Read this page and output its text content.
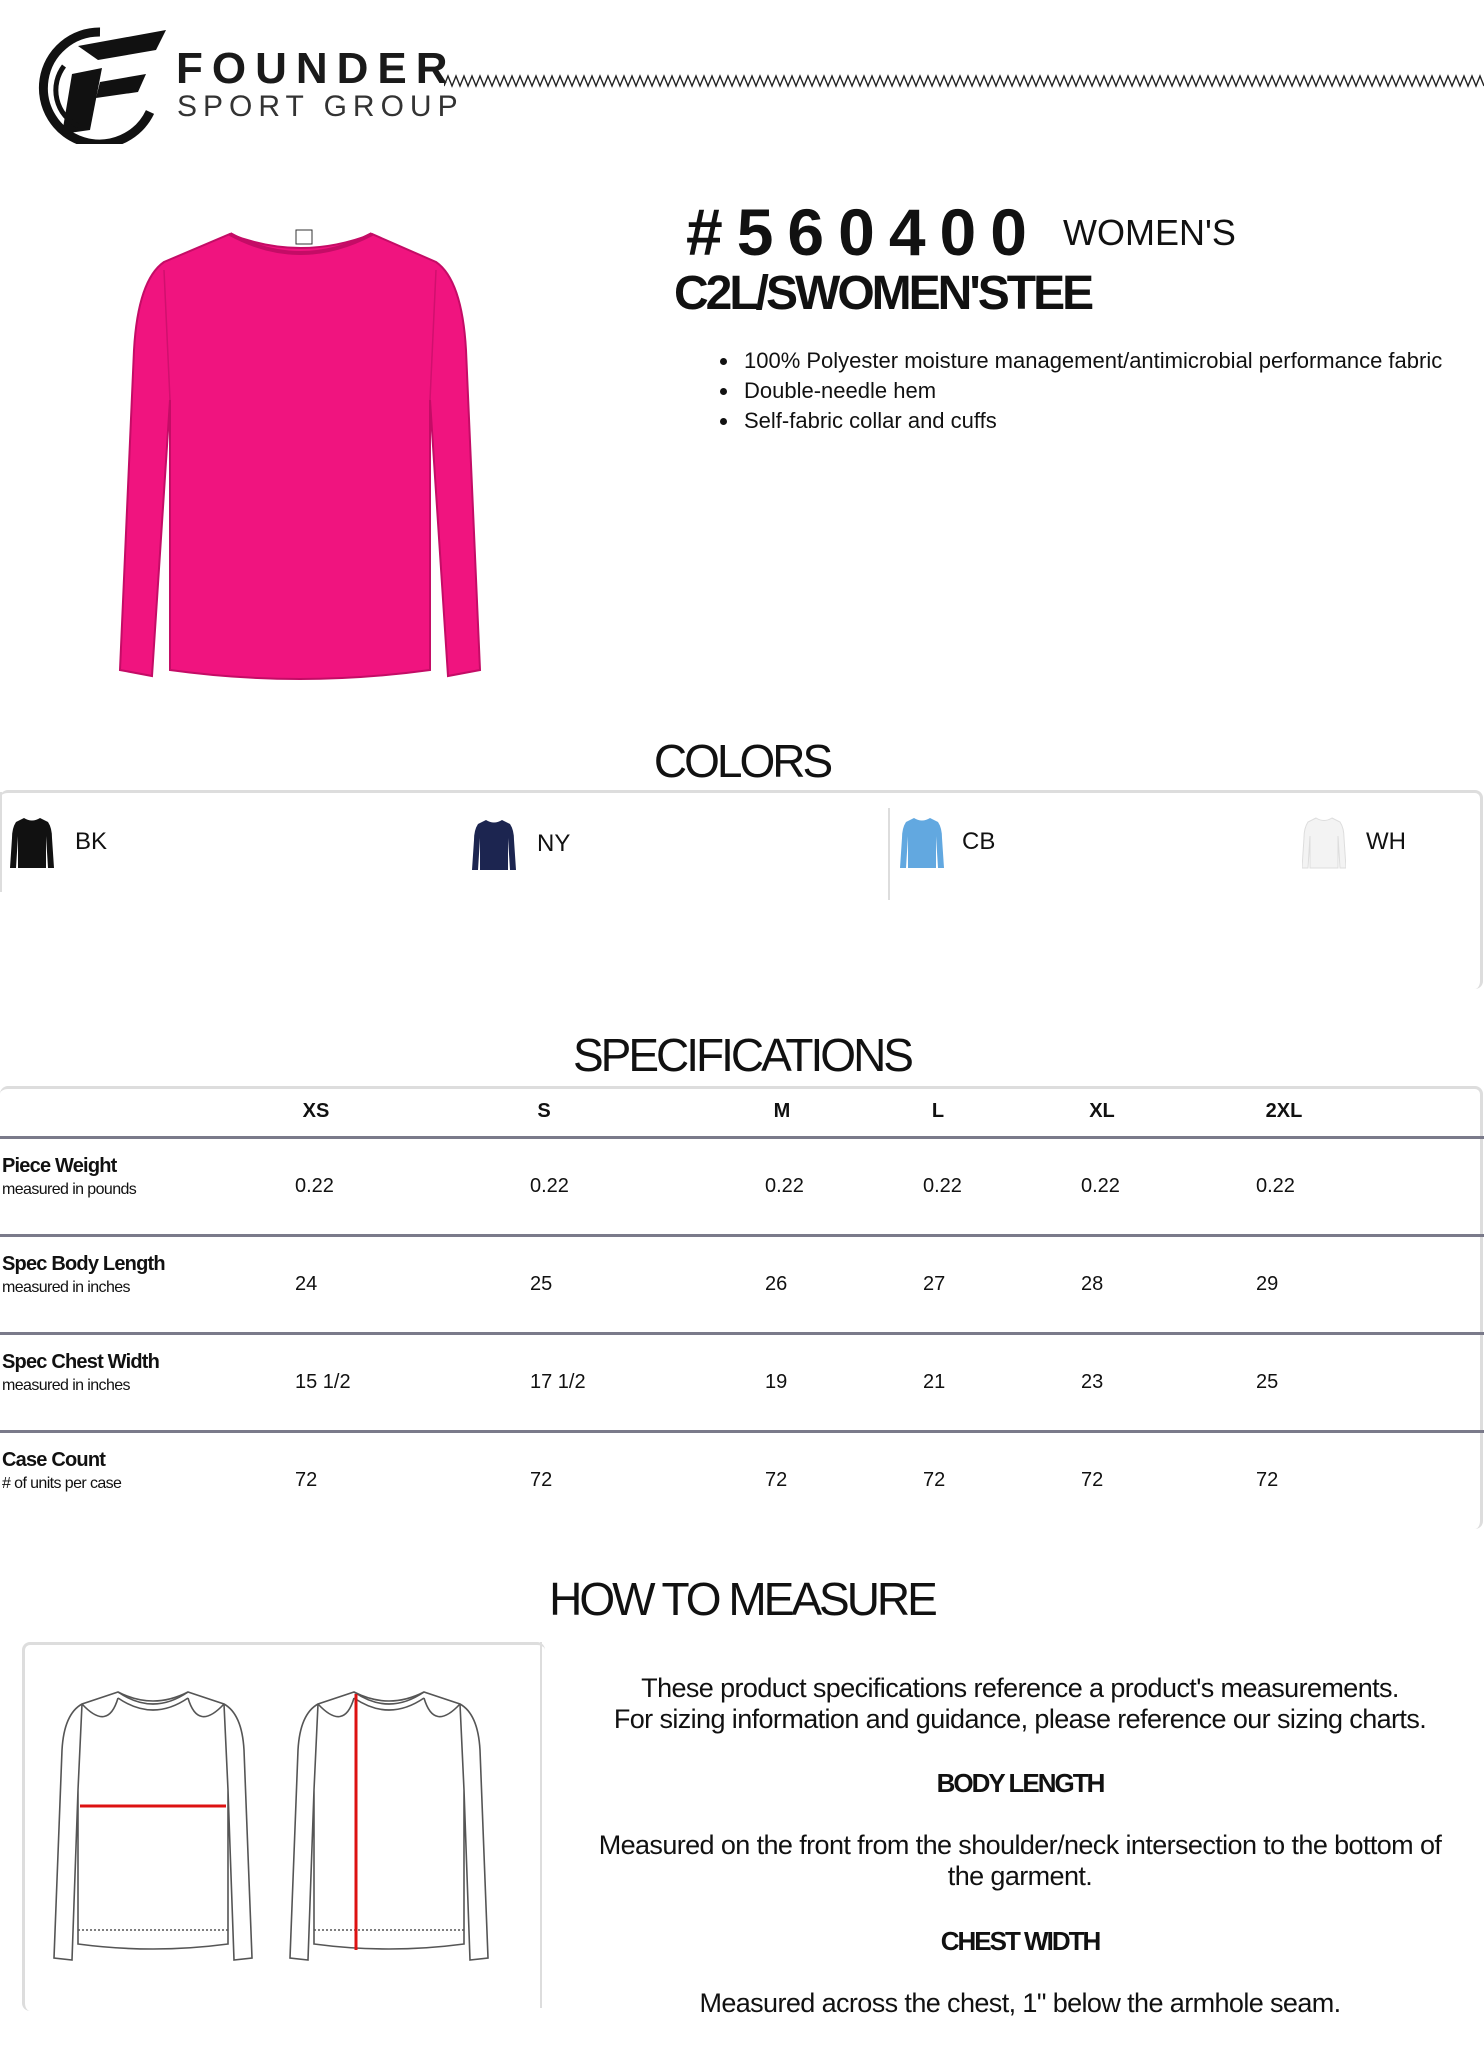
FOUNDER
SPORT GROUP
#560400 WOMEN'S
C2L/SWOMEN'STEE
• 100% Polyester moisture management/antimicrobial performance fabric
• Double-needle hem
• Self-fabric collar and cuffs
COLORS
BK	NY	CB	WH
SPECIFICATIONS
XS	S	M	L	XL	2XL
Piece Weight
measured in pounds	0.22	0.22	0.22	0.22	0.22	0.22
Spec Body Length
measured in inches	24	25	26	27	28	29
Spec Chest Width
measured in inches	15 1/2	17 1/2	19	21	23	25
Case Count
# of units per case	72	72	72	72	72	72
HOW TO MEASURE
These product specifications reference a product's measurements.
For sizing information and guidance, please reference our sizing charts.
BODY LENGTH
Measured on the front from the shoulder/neck intersection to the bottom of
the garment.
CHEST WIDTH
Measured across the chest, 1" below the armhole seam.
